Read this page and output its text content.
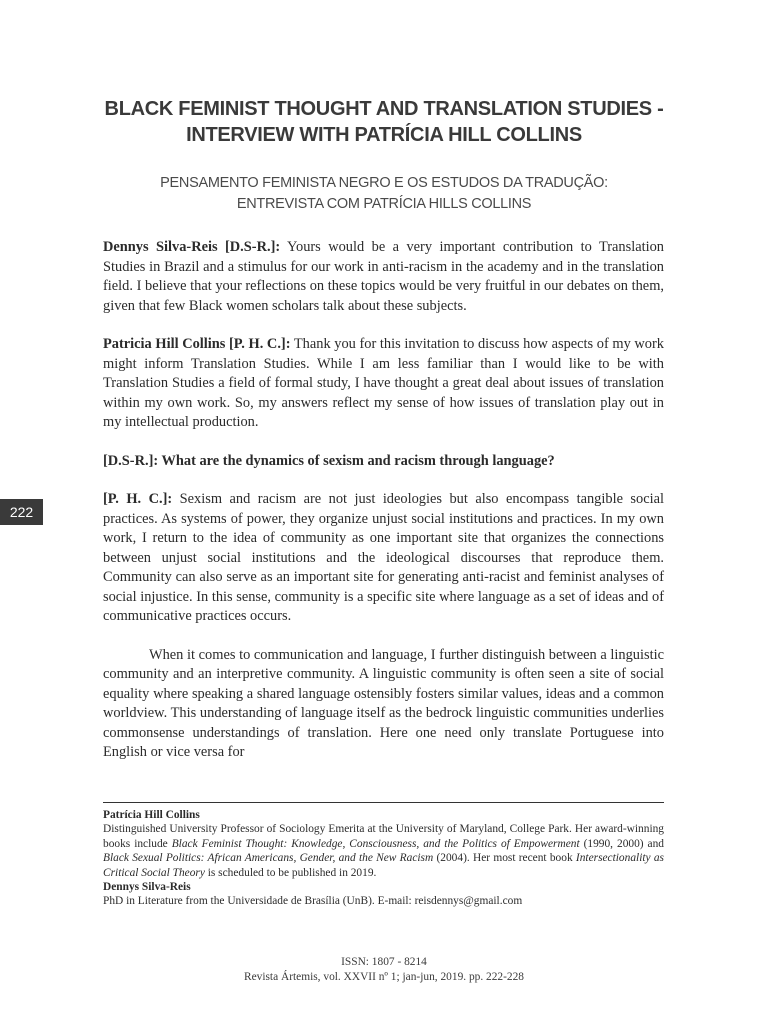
BLACK FEMINIST THOUGHT AND TRANSLATION STUDIES - INTERVIEW WITH PATRÍCIA HILL COLLINS
PENSAMENTO FEMINISTA NEGRO E OS ESTUDOS DA TRADUÇÃO:
ENTREVISTA COM PATRÍCIA HILLS COLLINS
222

Dennys Silva-Reis [D.S-R.]: Yours would be a very important contribution to Translation Studies in Brazil and a stimulus for our work in anti-racism in the academy and in the translation field. I believe that your reflections on these topics would be very fruitful in our debates on them, given that few Black women scholars talk about these subjects.

Patricia Hill Collins [P. H. C.]: Thank you for this invitation to discuss how aspects of my work might inform Translation Studies. While I am less familiar than I would like to be with Translation Studies a field of formal study, I have thought a great deal about issues of translation within my own work. So, my answers reflect my sense of how issues of translation play out in my intellectual production.

[D.S-R.]: What are the dynamics of sexism and racism through language?

[P. H. C.]: Sexism and racism are not just ideologies but also encompass tangible social practices. As systems of power, they organize unjust social institutions and practices. In my own work, I return to the idea of community as one important site that organizes the connections between unjust social institutions and the ideological discourses that reproduce them. Community can also serve as an important site for generating anti-racist and feminist analyses of social injustice. In this sense, community is a specific site where language as a set of ideas and of communicative practices occurs.

When it comes to communication and language, I further distinguish between a linguistic community and an interpretive community. A linguistic community is often seen a site of social equality where speaking a shared language ostensibly fosters similar values, ideas and a common worldview. This understanding of language itself as the bedrock linguistic communities underlies commonsense understandings of translation. Here one need only translate Portuguese into English or vice versa for

Patrícia Hill Collins

Distinguished University Professor of Sociology Emerita at the University of Maryland, College Park. Her award-winning books include Black Feminist Thought: Knowledge, Consciousness, and the Politics of Empowerment (1990, 2000) and Black Sexual Politics: African Americans, Gender, and the New Racism (2004). Her most recent book Intersectionality as Critical Social Theory is scheduled to be published in 2019.

Dennys Silva-Reis

PhD in Literature from the Universidade de Brasília (UnB). E-mail: reisdennys@gmail.com

ISSN: 1807 - 8214
Revista Ártemis, vol. XXVII nº 1; jan-jun, 2019. pp. 222-228
